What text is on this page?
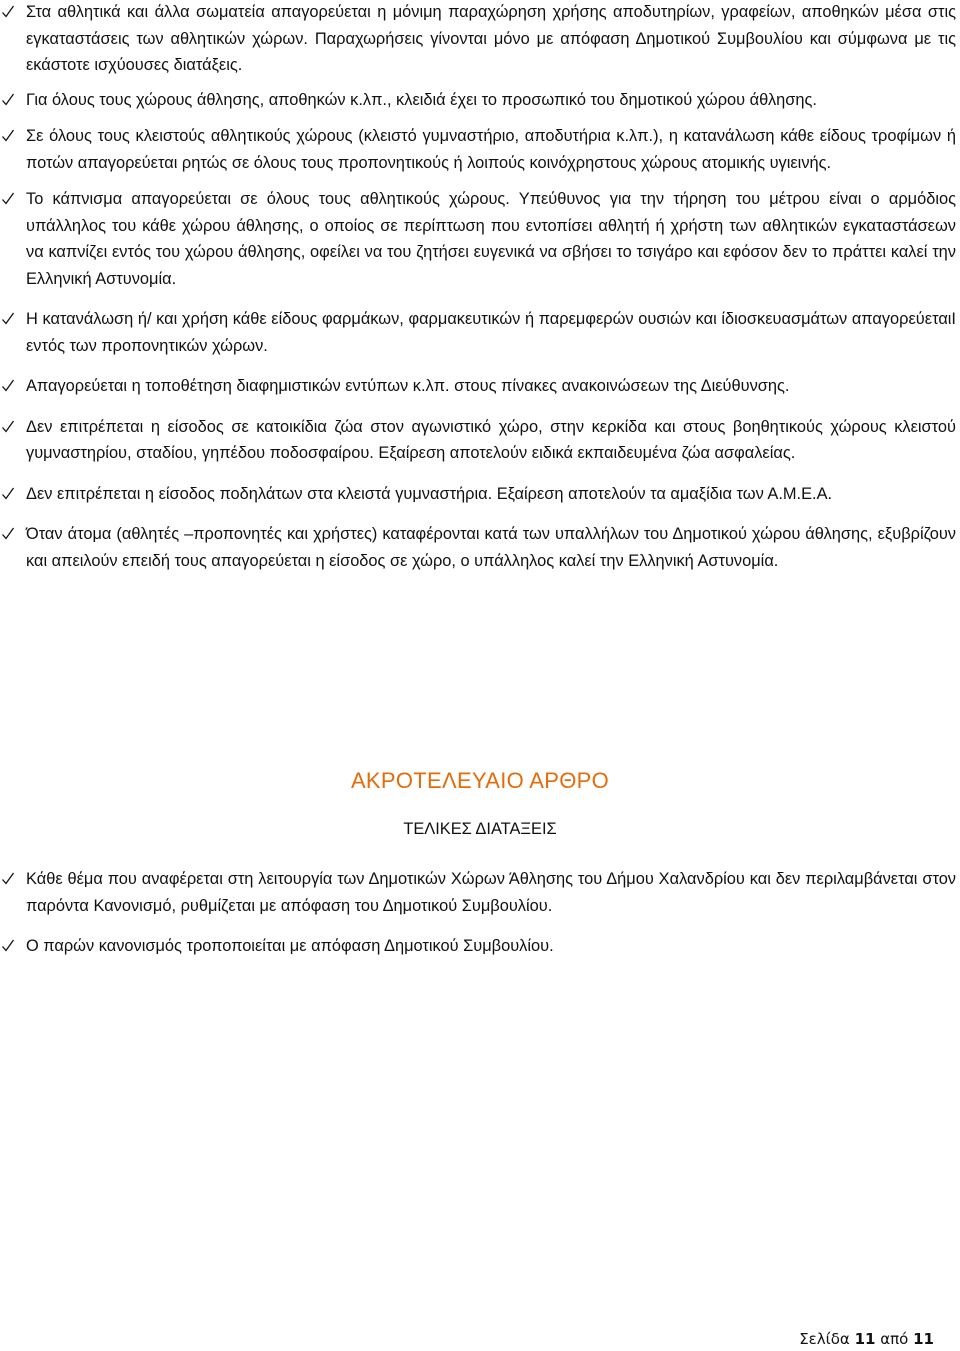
Στα αθλητικά και άλλα σωματεία απαγορεύεται η μόνιμη παραχώρηση χρήσης αποδυτηρίων, γραφείων, αποθηκών μέσα στις εγκαταστάσεις των αθλητικών χώρων. Παραχωρήσεις γίνονται μόνο με απόφαση Δημοτικού Συμβουλίου και σύμφωνα με τις εκάστοτε ισχύουσες διατάξεις.
Για όλους τους χώρους άθλησης, αποθηκών κ.λπ., κλειδιά έχει το προσωπικό του δημοτικού χώρου άθλησης.
Σε όλους τους κλειστούς αθλητικούς χώρους (κλειστό γυμναστήριο, αποδυτήρια κ.λπ.), η κατανάλωση κάθε είδους τροφίμων ή ποτών απαγορεύεται ρητώς σε όλους τους προπονητικούς ή λοιπούς κοινόχρηστους χώρους ατομικής υγιεινής.
Το κάπνισμα απαγορεύεται σε όλους τους αθλητικούς χώρους. Υπεύθυνος για την τήρηση του μέτρου είναι ο αρμόδιος υπάλληλος του κάθε χώρου άθλησης, ο οποίος σε περίπτωση που εντοπίσει αθλητή ή χρήστη των αθλητικών εγκαταστάσεων να καπνίζει εντός του χώρου άθλησης, οφείλει να του ζητήσει ευγενικά να σβήσει το τσιγάρο και εφόσον δεν το πράττει καλεί την Ελληνική Αστυνομία.
Η κατανάλωση ή/ και χρήση κάθε είδους φαρμάκων, φαρμακευτικών ή παρεμφερών ουσιών και ίδιοσκευασμάτων απαγορεύεταιI εντός των προπονητικών χώρων.
Απαγορεύεται η τοποθέτηση διαφημιστικών εντύπων κ.λπ. στους πίνακες ανακοινώσεων της Διεύθυνσης.
Δεν επιτρέπεται η είσοδος σε κατοικίδια ζώα στον αγωνιστικό χώρο, στην κερκίδα και στους βοηθητικούς χώρους κλειστού γυμναστηρίου, σταδίου, γηπέδου ποδοσφαίρου. Εξαίρεση αποτελούν ειδικά εκπαιδευμένα ζώα ασφαλείας.
Δεν επιτρέπεται η είσοδος ποδηλάτων στα κλειστά γυμναστήρια. Εξαίρεση αποτελούν τα αμαξίδια των Α.Μ.Ε.Α.
Όταν άτομα (αθλητές –προπονητές και χρήστες) καταφέρονται κατά των υπαλλήλων του Δημοτικού χώρου άθλησης, εξυβρίζουν και απειλούν επειδή τους απαγορεύεται η είσοδος σε χώρο, ο υπάλληλος καλεί την Ελληνική Αστυνομία.
ΑΚΡΟΤΕΛΕΥΑΙΟ ΑΡΘΡΟ
ΤΕΛΙΚΕΣ ΔΙΑΤΑΞΕΙΣ
Κάθε θέμα που αναφέρεται στη λειτουργία των Δημοτικών Χώρων Άθλησης του Δήμου Χαλανδρίου και δεν περιλαμβάνεται στον παρόντα Κανονισμό, ρυθμίζεται με απόφαση του Δημοτικού Συμβουλίου.
Ο παρών κανονισμός τροποποιείται με απόφαση Δημοτικού Συμβουλίου.
Σελίδα 11 από 11
